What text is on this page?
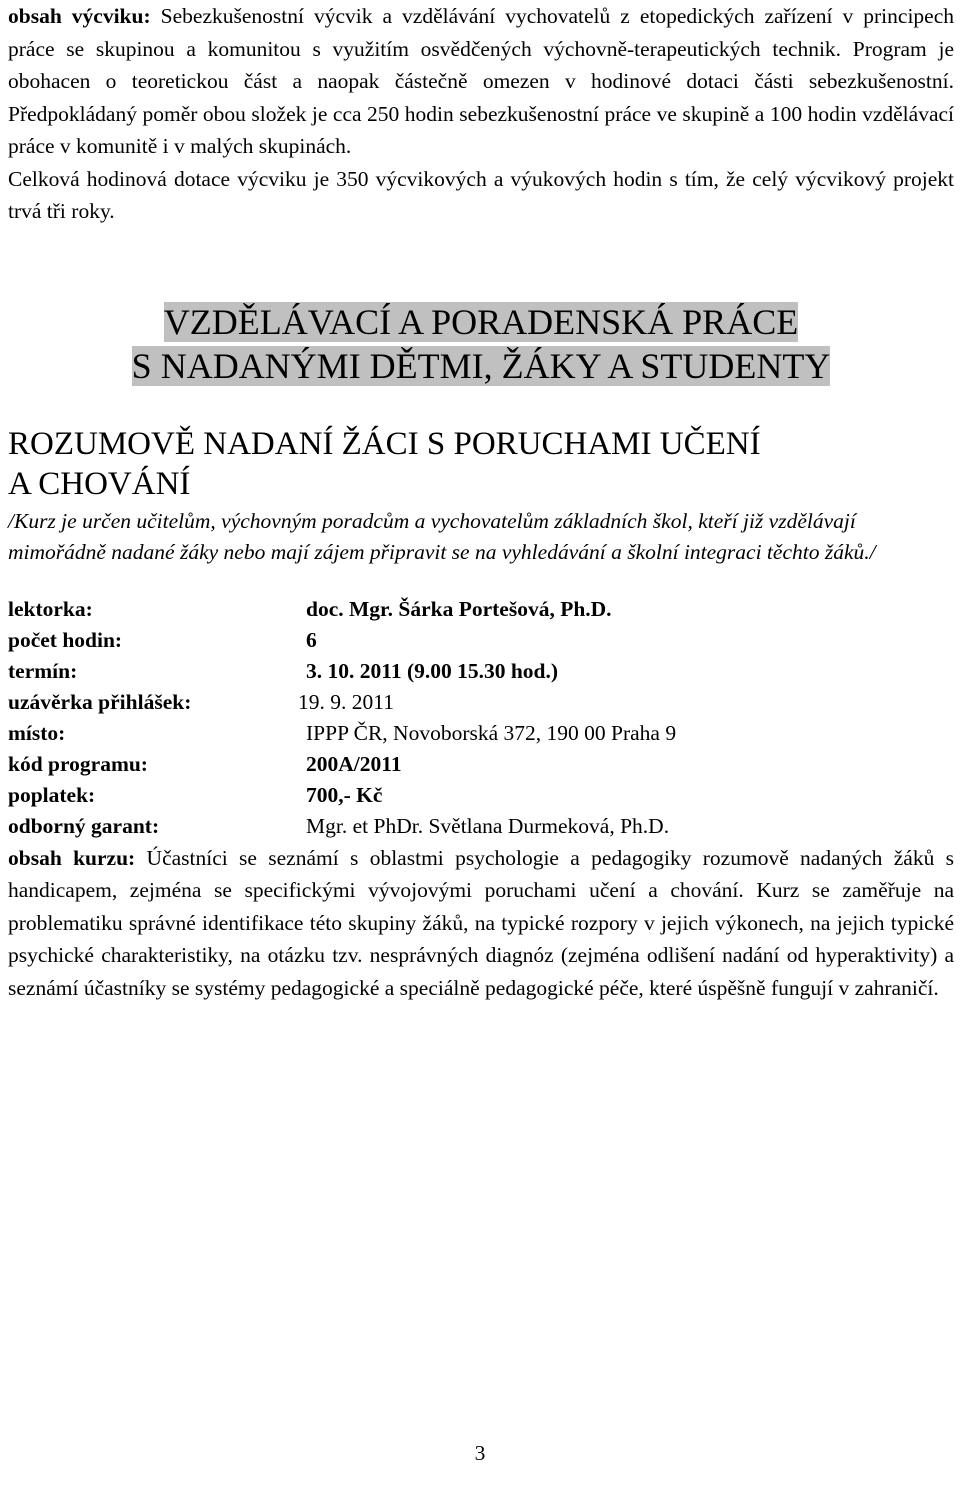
obsah výcviku: Sebezkušenostní výcvik a vzdělávání vychovatelů z etopedických zařízení v principech práce se skupinou a komunitou s využitím osvědčených výchovně-terapeutických technik. Program je obohacen o teoretickou část a naopak částečně omezen v hodinové dotaci části sebezkušenostní. Předpokládaný poměr obou složek je cca 250 hodin sebezkušenostní práce ve skupině a 100 hodin vzdělávací práce v komunitě i v malých skupinách.

Celková hodinová dotace výcviku je 350 výcvikových a výukových hodin s tím, že celý výcvikový projekt trvá tři roky.

VZDĚLÁVACÍ A PORADENSKÁ PRÁCE
S NADANÝMI DĚTMI, ŽÁKY A STUDENTY
ROZUMOVĚ NADANÍ ŽÁCI S PORUCHAMI UČENÍ
A CHOVÁNÍ

/Kurz je určen učitelům, výchovným poradcům a vychovatelům základních škol, kteří již vzdělávají mimořádně nadané žáky nebo mají zájem připravit se na vyhledávání a školní integraci těchto žáků./

lektorka:	doc. Mgr. Šárka Portešová, Ph.D.
počet hodin:	6
termín:	3. 10. 2011 (9.00 15.30 hod.)
uzávěrka přihlášek:	19. 9. 2011
místo:	IPPP ČR, Novoborská 372, 190 00 Praha 9
kód programu:	200A/2011
poplatek:	700,- Kč
odborný garant:	Mgr. et PhDr. Světlana Durmeková, Ph.D.

obsah kurzu: Účastníci se seznámí s oblastmi psychologie a pedagogiky rozumově nadaných žáků s handicapem, zejména se specifickými vývojovými poruchami učení a chování. Kurz se zaměřuje na problematiku správné identifikace této skupiny žáků, na typické rozpory v jejich výkonech, na jejich typické psychické charakteristiky, na otázku tzv. nesprávných diagnóz (zejména odlišení nadání od hyperaktivity) a seznámí účastníky se systémy pedagogické a speciálně pedagogické péče, které úspěšně fungují v zahraničí.

3
